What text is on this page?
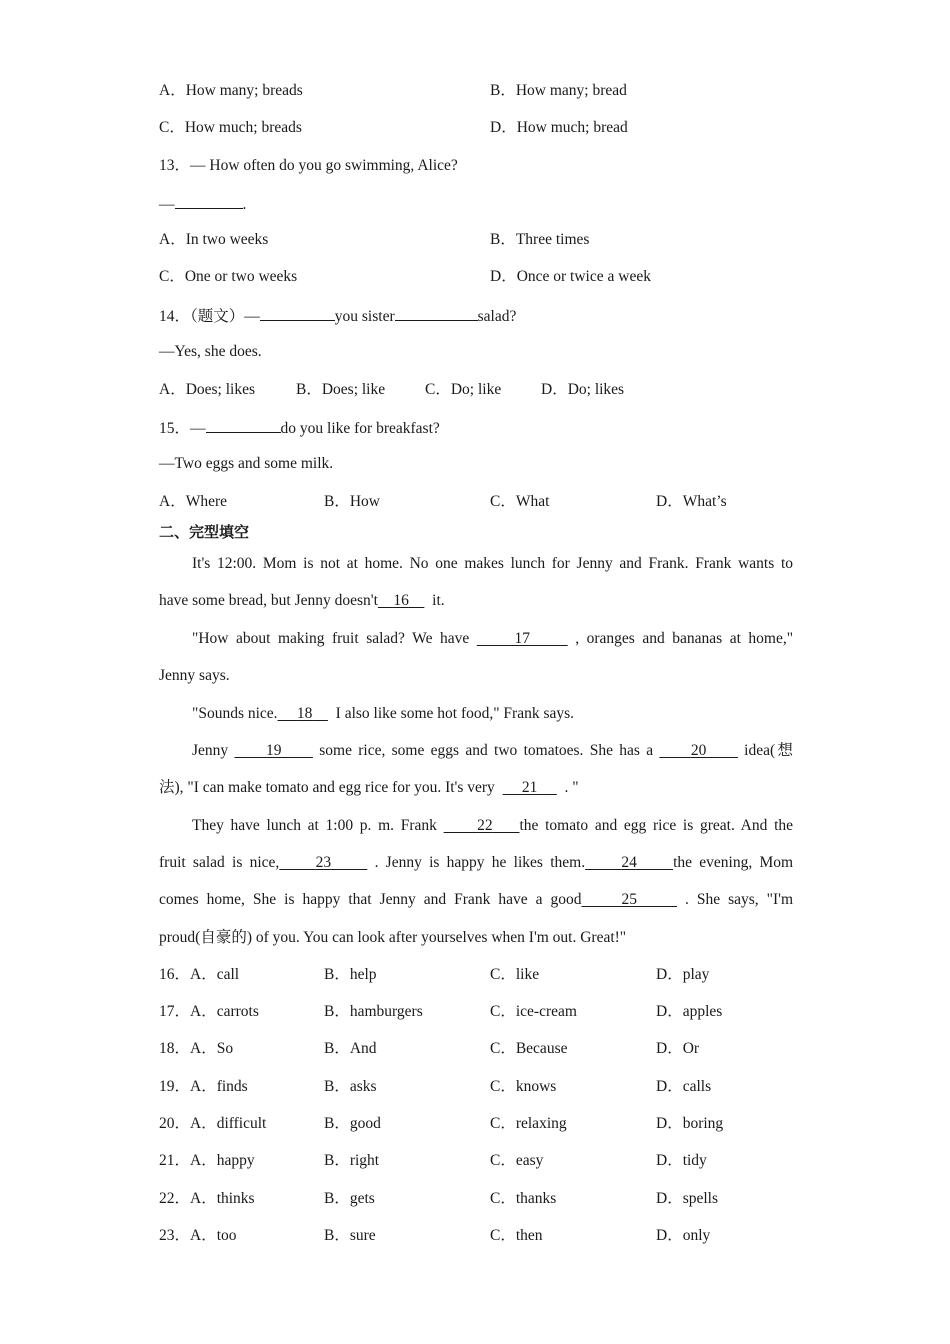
A．How many; breads	B．How many; bread
C．How much; breads	D．How much; bread
13．— How often do you go swimming, Alice?
—	.
A．In two weeks	B．Three times
C．One or two weeks	D．Once or twice a week
14．（题文）—	you sister	salad?
—Yes, she does.
A．Does; likes	B．Does; like	C．Do; like	D．Do; likes
15．—	do you like for breakfast?
—Two eggs and some milk.
A．Where	B．How	C．What	D．What’s
二、完型填空
It's 12:00. Mom is not at home. No one makes lunch for Jenny and Frank. Frank wants to
have some bread, but Jenny doesn't 16 it.
"How about making fruit salad? We have	17	, oranges and bananas at home,"
Jenny says.
"Sounds nice. 18 I also like some hot food," Frank says.
Jenny 19 some rice, some eggs and two tomatoes. She has a 20 idea(想
法), "I can make tomato and egg rice for you. It's very 21 . "
They have lunch at 1:00 p. m. Frank	22 the tomato and egg rice is great. And the
fruit salad is nice, 23	. Jenny is happy he likes them. 24 the evening, Mom
comes home, She is happy that Jenny and Frank have a good	25	. She says, "I'm
proud(自豪的) of you. You can look after yourselves when I'm out. Great!"
16．A．call	B．help	C．like	D．play
17．A．carrots	B．hamburgers	C．ice-cream	D．apples
18．A．So	B．And	C．Because	D．Or
19．A．finds	B．asks	C．knows	D．calls
20．A．difficult	B．good	C．relaxing	D．boring
21．A．happy	B．right	C．easy	D．tidy
22．A．thinks	B．gets	C．thanks	D．spells
23．A．too	B．sure	C．then	D．only
